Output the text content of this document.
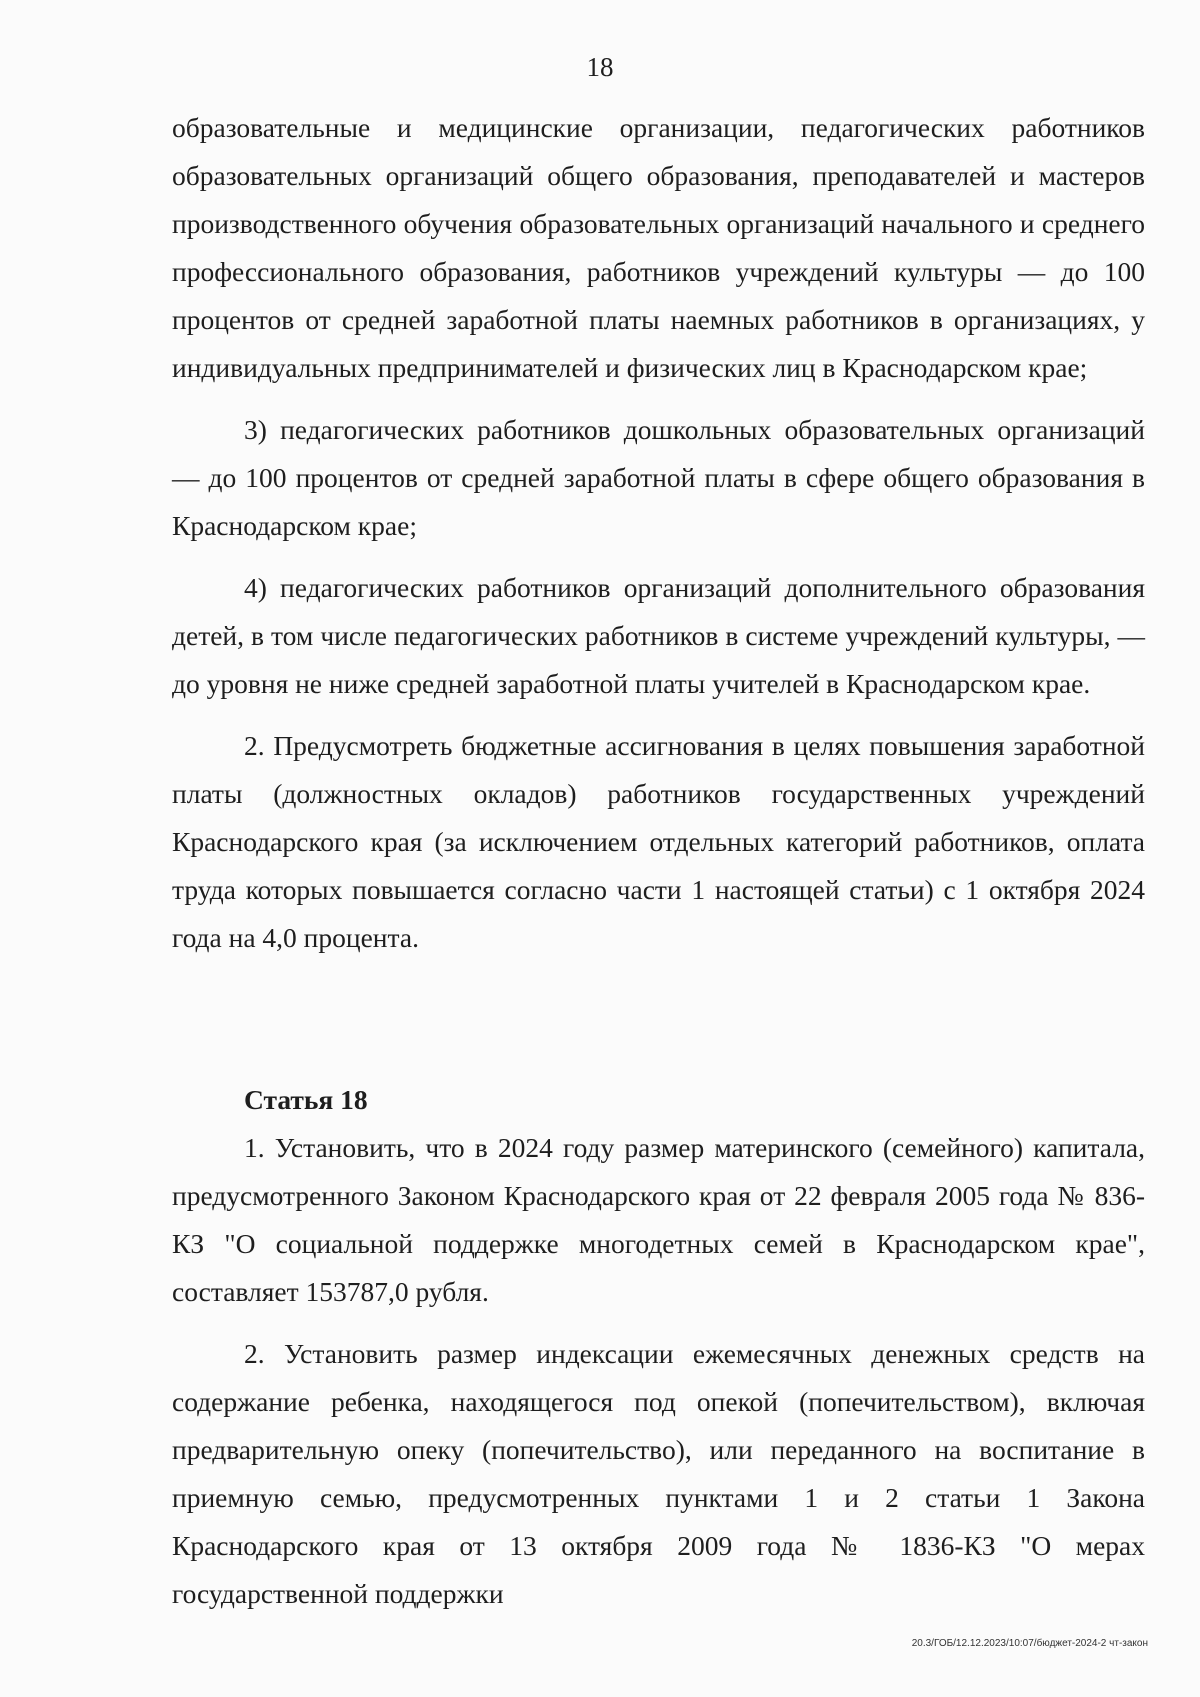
18

образовательные и медицинские организации, педагогических работников образовательных организаций общего образования, преподавателей и мастеров производственного обучения образовательных организаций начального и среднего профессионального образования, работников учреждений культуры — до 100 процентов от средней заработной платы наемных работников в организациях, у индивидуальных предпринимателей и физических лиц в Краснодарском крае;

3) педагогических работников дошкольных образовательных организаций — до 100 процентов от средней заработной платы в сфере общего образования в Краснодарском крае;

4) педагогических работников организаций дополнительного образования детей, в том числе педагогических работников в системе учреждений культуры, — до уровня не ниже средней заработной платы учителей в Краснодарском крае.

2. Предусмотреть бюджетные ассигнования в целях повышения заработной платы (должностных окладов) работников государственных учреждений Краснодарского края (за исключением отдельных категорий работников, оплата труда которых повышается согласно части 1 настоящей статьи) с 1 октября 2024 года на 4,0 процента.

Статья 18

1. Установить, что в 2024 году размер материнского (семейного) капитала, предусмотренного Законом Краснодарского края от 22 февраля 2005 года № 836-КЗ "О социальной поддержке многодетных семей в Краснодарском крае", составляет 153787,0 рубля.

2. Установить размер индексации ежемесячных денежных средств на содержание ребенка, находящегося под опекой (попечительством), включая предварительную опеку (попечительство), или переданного на воспитание в приемную семью, предусмотренных пунктами 1 и 2 статьи 1 Закона Краснодарского края от 13 октября 2009 года № 1836-КЗ "О мерах государственной поддержки

20.3/ГОБ/12.12.2023/10:07/бюджет-2024-2 чт-закон
